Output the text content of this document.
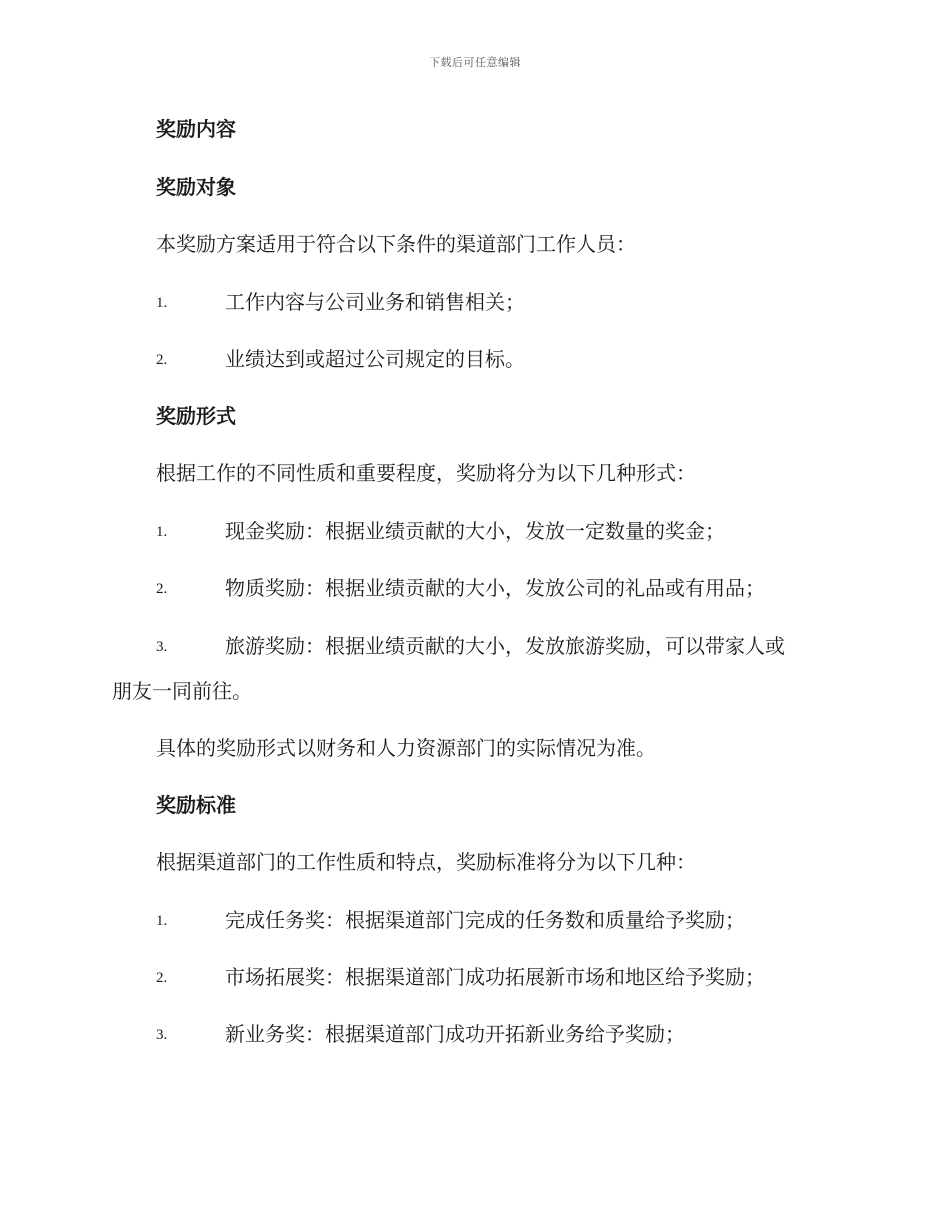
下载后可任意编辑
奖励内容
奖励对象
本奖励方案适用于符合以下条件的渠道部门工作人员：
1.	工作内容与公司业务和销售相关；
2.	业绩达到或超过公司规定的目标。
奖励形式
根据工作的不同性质和重要程度，奖励将分为以下几种形式：
1.	现金奖励：根据业绩贡献的大小，发放一定数量的奖金；
2.	物质奖励：根据业绩贡献的大小，发放公司的礼品或有用品；
3.	旅游奖励：根据业绩贡献的大小，发放旅游奖励，可以带家人或
朋友一同前往。
具体的奖励形式以财务和人力资源部门的实际情况为准。
奖励标准
根据渠道部门的工作性质和特点，奖励标准将分为以下几种：
1.	完成任务奖：根据渠道部门完成的任务数和质量给予奖励；
2.	市场拓展奖：根据渠道部门成功拓展新市场和地区给予奖励；
3.	新业务奖：根据渠道部门成功开拓新业务给予奖励；
